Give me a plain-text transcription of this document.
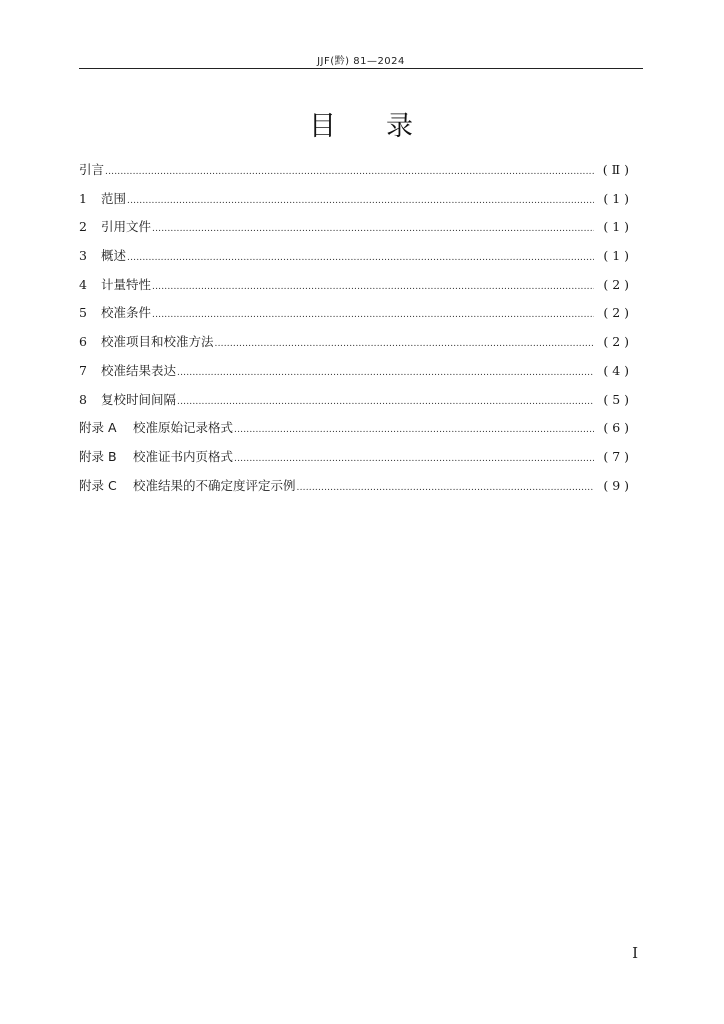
JJF(黔) 81—2024
目录
引言 .....	( Ⅱ )
1	范围 .....	( 1 )
2	引用文件 .....	( 1 )
3	概述 .....	( 1 )
4	计量特性 .....	( 2 )
5	校准条件 .....	( 2 )
6	校准项目和校准方法 .....	( 2 )
7	校准结果表达 .....	( 4 )
8	复校时间间隔 .....	( 5 )
附录 A	校准原始记录格式 .....	( 6 )
附录 B	校准证书内页格式 .....	( 7 )
附录 C	校准结果的不确定度评定示例 .....	( 9 )
Ⅰ
